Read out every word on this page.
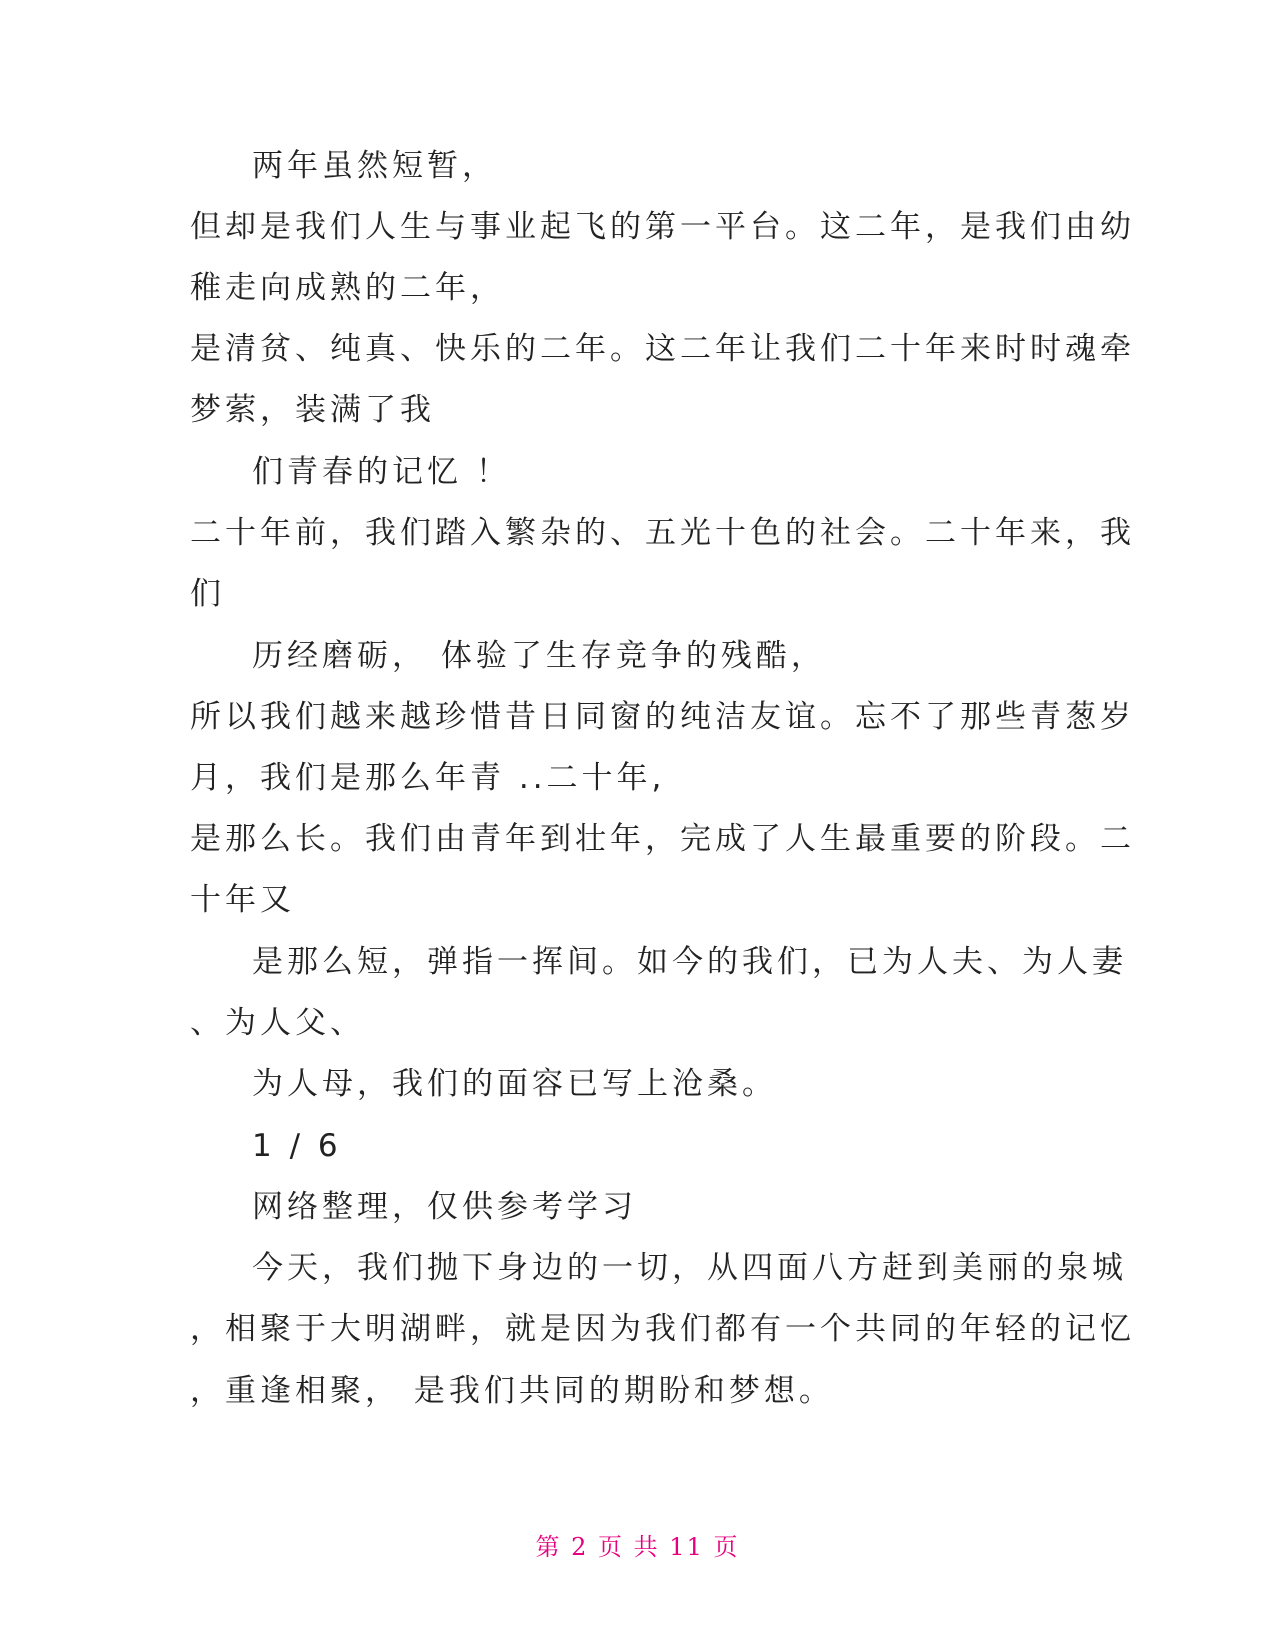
两年虽然短暂，
但却是我们人生与事业起飞的第一平台。这二年，是我们由幼
稚走向成熟的二年，
是清贫、纯真、快乐的二年。这二年让我们二十年来时时魂牵
梦萦，装满了我
们青春的记忆 ！
二十年前，我们踏入繁杂的、五光十色的社会。二十年来，我
们
历经磨砺， 体验了生存竞争的残酷，
所以我们越来越珍惜昔日同窗的纯洁友谊。忘不了那些青葱岁
月，我们是那么年青 ..二十年,
是那么长。我们由青年到壮年，完成了人生最重要的阶段。二
十年又
是那么短，弹指一挥间。如今的我们，已为人夫、为人妻
、为人父、
为人母，我们的面容已写上沧桑。
1 / 6
网络整理，仅供参考学习
今天，我们抛下身边的一切，从四面八方赶到美丽的泉城
，相聚于大明湖畔，就是因为我们都有一个共同的年轻的记忆
，重逢相聚， 是我们共同的期盼和梦想。
第 2 页 共 11 页
